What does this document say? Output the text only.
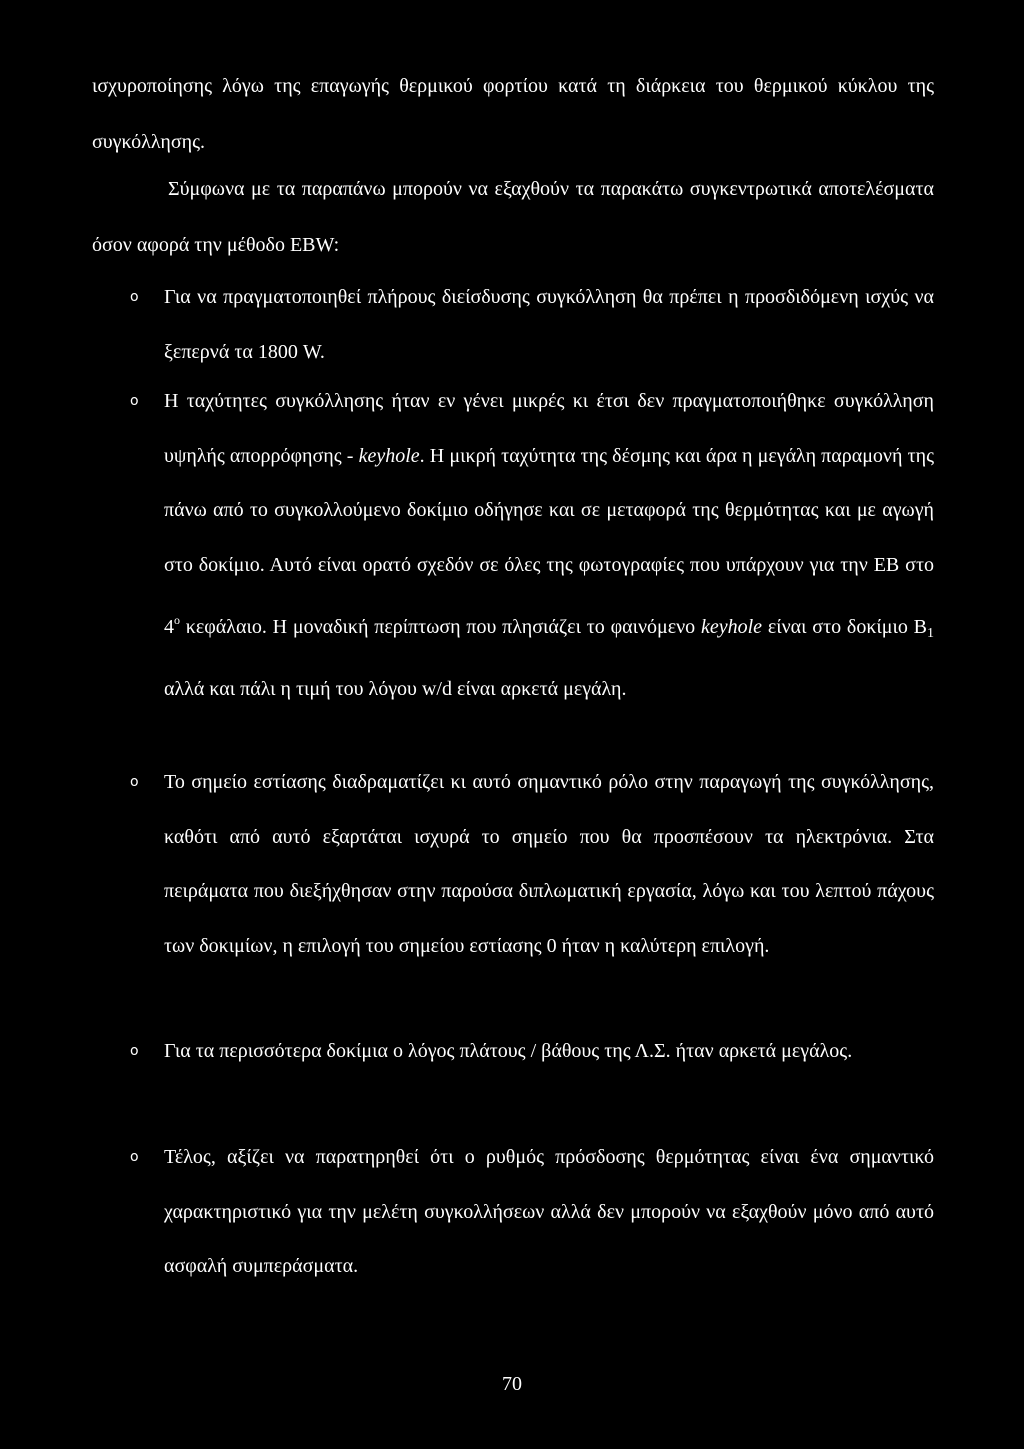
ισχυροποίησης λόγω της επαγωγής θερμικού φορτίου κατά τη διάρκεια του θερμικού κύκλου της συγκόλλησης.

Σύμφωνα με τα παραπάνω μπορούν να εξαχθούν τα παρακάτω συγκεντρωτικά αποτελέσματα όσον αφορά την μέθοδο EBW:

o Για να πραγματοποιηθεί πλήρους διείσδυσης συγκόλληση θα πρέπει η προσδιδόμενη ισχύς να ξεπερνά τα 1800 W.
o Η ταχύτητες συγκόλλησης ήταν εν γένει μικρές κι έτσι δεν πραγματοποιήθηκε συγκόλληση υψηλής απορρόφησης - keyhole. Η μικρή ταχύτητα της δέσμης και άρα η μεγάλη παραμονή της πάνω από το συγκολλούμενο δοκίμιο οδήγησε και σε μεταφορά της θερμότητας και με αγωγή στο δοκίμιο. Αυτό είναι ορατό σχεδόν σε όλες της φωτογραφίες που υπάρχουν για την ΕΒ στο $4^o$ κεφάλαιο. Η μοναδική περίπτωση που πλησιάζει το φαινόμενο keyhole είναι στο δοκίμιο $B_1$ αλλά και πάλι η τιμή του λόγου w/d είναι αρκετά μεγάλη.
o Το σημείο εστίασης διαδραματίζει κι αυτό σημαντικό ρόλο στην παραγωγή της συγκόλλησης, καθότι από αυτό εξαρτάται ισχυρά το σημείο που θα προσπέσουν τα ηλεκτρόνια. Στα πειράματα που διεξήχθησαν στην παρούσα διπλωματική εργασία, λόγω και του λεπτού πάχους των δοκιμίων, η επιλογή του σημείου εστίασης 0 ήταν η καλύτερη επιλογή.
o Για τα περισσότερα δοκίμια ο λόγος πλάτους / βάθους της Λ.Σ. ήταν αρκετά μεγάλος.
o Τέλος, αξίζει να παρατηρηθεί ότι ο ρυθμός πρόσδοσης θερμότητας είναι ένα σημαντικό χαρακτηριστικό για την μελέτη συγκολλήσεων αλλά δεν μπορούν να εξαχθούν μόνο από αυτό ασφαλή συμπεράσματα.
70
